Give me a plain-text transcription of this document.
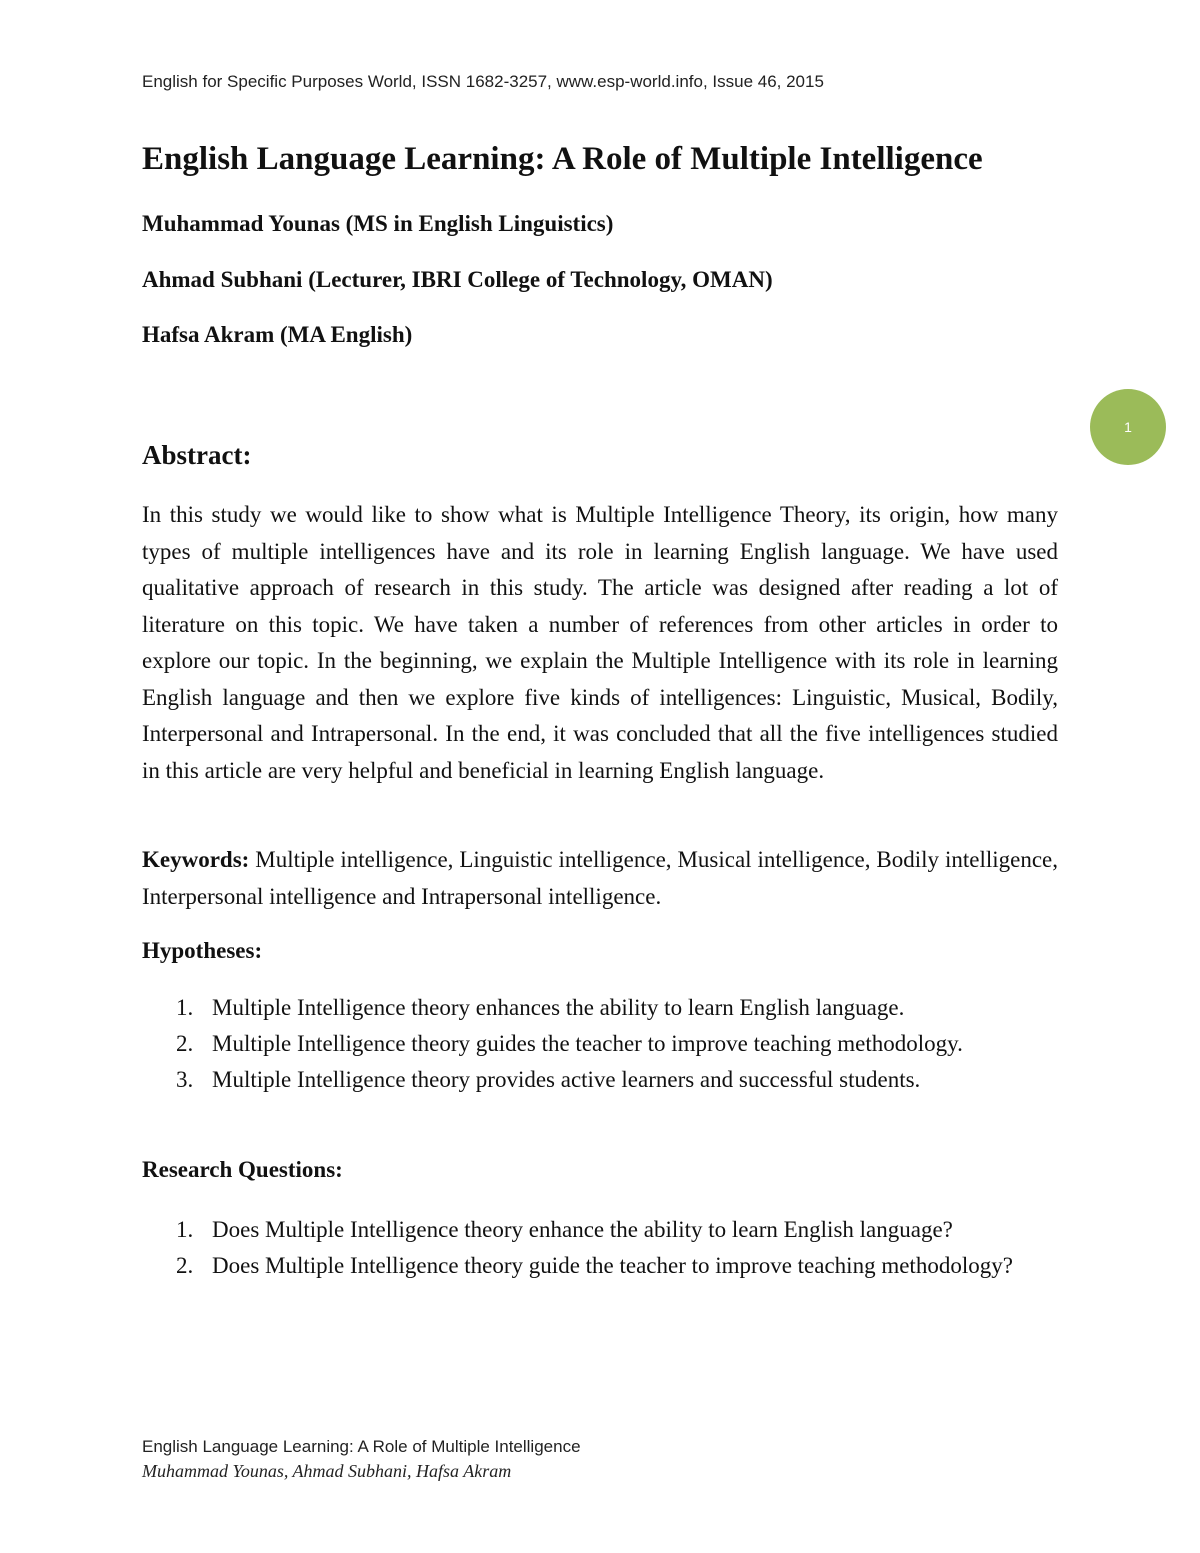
English for Specific Purposes World, ISSN 1682-3257, www.esp-world.info, Issue 46, 2015
English Language Learning: A Role of Multiple Intelligence

Muhammad Younas (MS in English Linguistics)

Ahmad Subhani (Lecturer, IBRI College of Technology, OMAN)

Hafsa Akram (MA English)

1
Abstract:

In this study we would like to show what is Multiple Intelligence Theory, its origin, how many types of multiple intelligences have and its role in learning English language. We have used qualitative approach of research in this study. The article was designed after reading a lot of literature on this topic. We have taken a number of references from other articles in order to explore our topic. In the beginning, we explain the Multiple Intelligence with its role in learning English language and then we explore five kinds of intelligences: Linguistic, Musical, Bodily, Interpersonal and Intrapersonal. In the end, it was concluded that all the five intelligences studied in this article are very helpful and beneficial in learning English language.

Keywords: Multiple intelligence, Linguistic intelligence, Musical intelligence, Bodily intelligence, Interpersonal intelligence and Intrapersonal intelligence.

Hypotheses:
1. Multiple Intelligence theory enhances the ability to learn English language.
2. Multiple Intelligence theory guides the teacher to improve teaching methodology.
3. Multiple Intelligence theory provides active learners and successful students.
Research Questions:
1. Does Multiple Intelligence theory enhance the ability to learn English language?
2. Does Multiple Intelligence theory guide the teacher to improve teaching methodology?
English Language Learning: A Role of Multiple Intelligence
Muhammad Younas, Ahmad Subhani, Hafsa Akram
